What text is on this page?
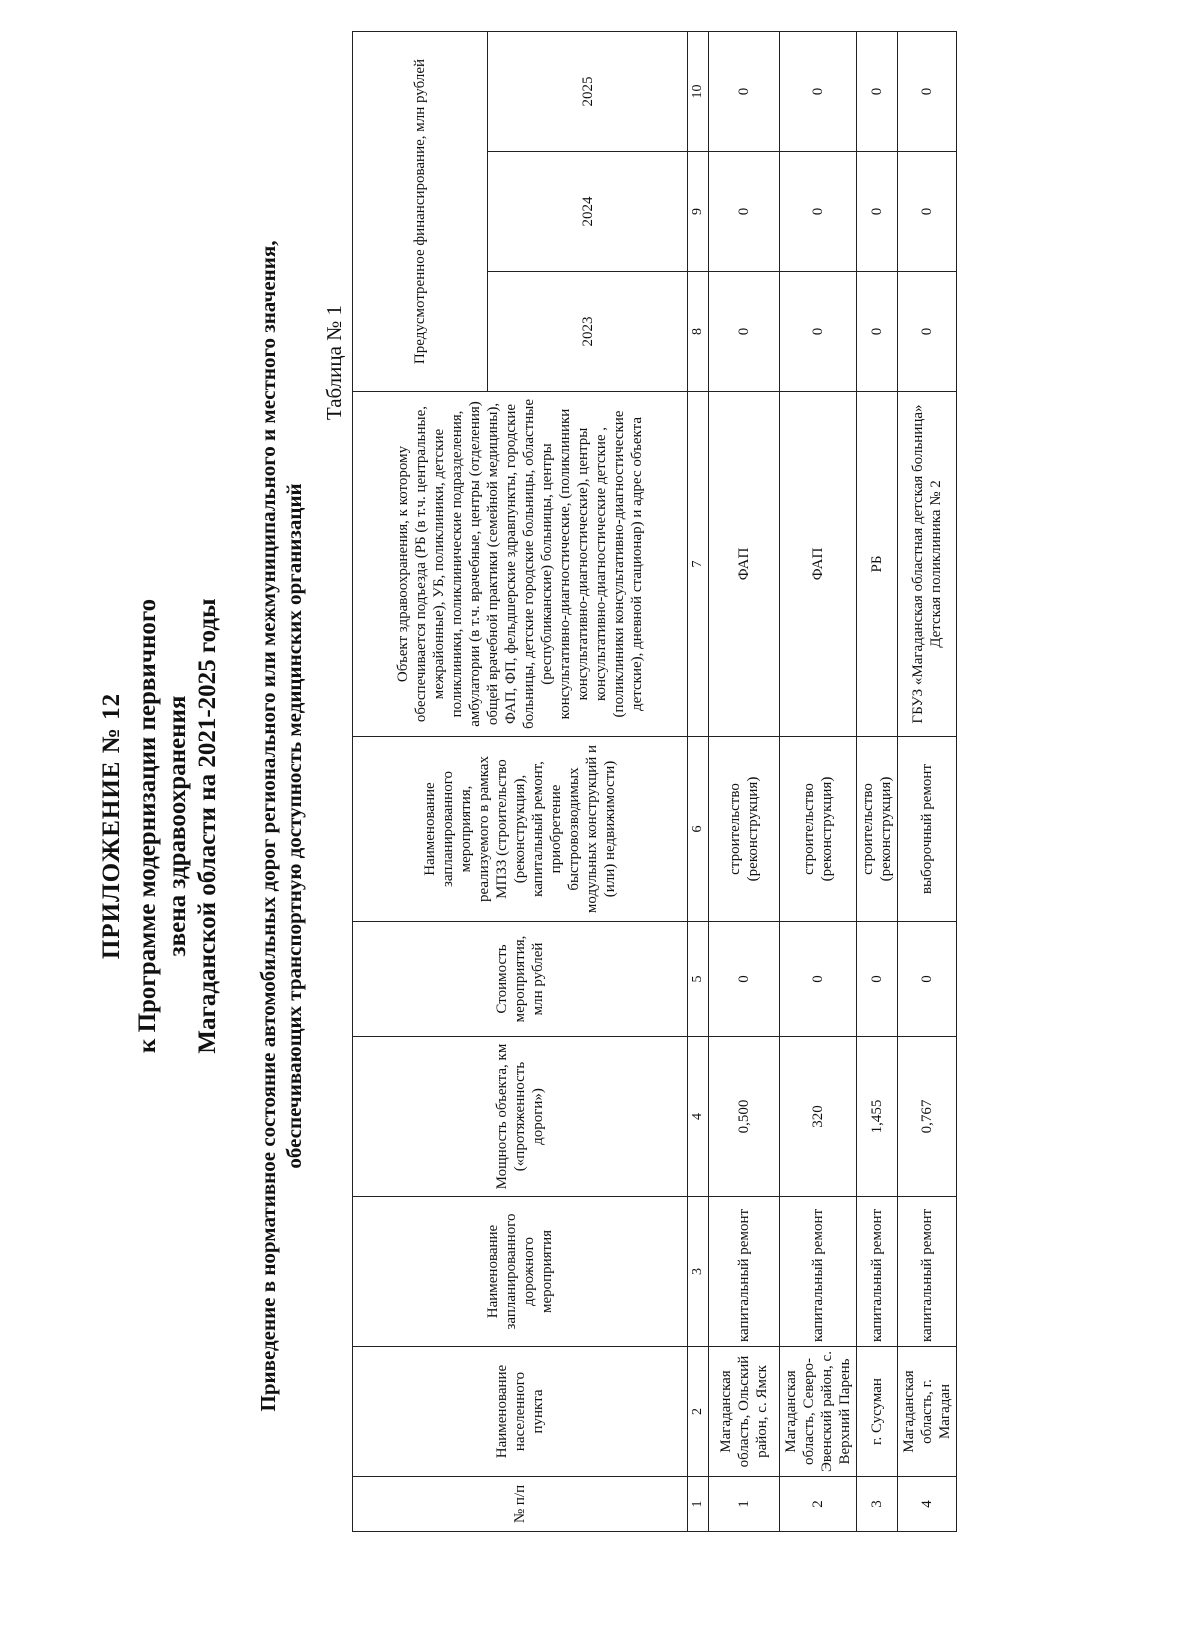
ПРИЛОЖЕНИЕ № 12 к Программе модернизации первичного звена здравоохранения Магаданской области на 2021-2025 годы Приведение в нормативное состояние автомобильных дорог регионального или межмуниципального и местного значения, обеспечивающих транспортную доступность медицинских организаций
Таблица № 1
№ п/п	Наименование населенного пункта	Наименование запланированного дорожного мероприятия	Мощность объекта, км («протяженность дороги»)	Стоимость мероприятия, млн рублей	Наименование запланированного мероприятия, реализуемого в рамках МПЗЗ (строительство (реконструкция), капитальный ремонт, приобретение быстровозводимых модульных конструкций и (или) недвижимости)	Объект здравоохранения, к которому обеспечивается подъезда (РБ (в т.ч. центральные, межрайонные), УБ, поликлиники, детские поликлиники, поликлинические подразделения, амбулатории (в т.ч. врачебные, центры (отделения) общей врачебной практики (семейной медицины), ФАП, ФП, фельдшерские здравпункты, городские больницы, детские городские больницы, областные (республиканские) больницы, центры консультативно-диагностические, (поликлиники консультативно-диагностические), центры консультативно-диагностические детские , (поликлиники консультативно-диагностические детские), дневной стационар) и адрес объекта	Предусмотренное финансирование, млн рублей		
							2023	2024	2025
1	2	3	4	5	6	7	8	9	10
1	Магаданская область, Ольский район, с. Ямск	капитальный ремонт	0,500	0	строительство (реконструкция)	ФАП	0	0	0
2	Магаданская область, Северо-Эвенский район, с. Верхний Парень	капитальный ремонт	320	0	строительство (реконструкция)	ФАП	0	0	0
3	г. Сусуман	капитальный ремонт	1,455	0	строительство (реконструкция)	РБ	0	0	0
4	Магаданская область, г. Магадан	капитальный ремонт	0,767	0	выборочный ремонт	ГБУЗ «Магаданская областная детская больница» Детская поликлиника № 2	0	0	0
